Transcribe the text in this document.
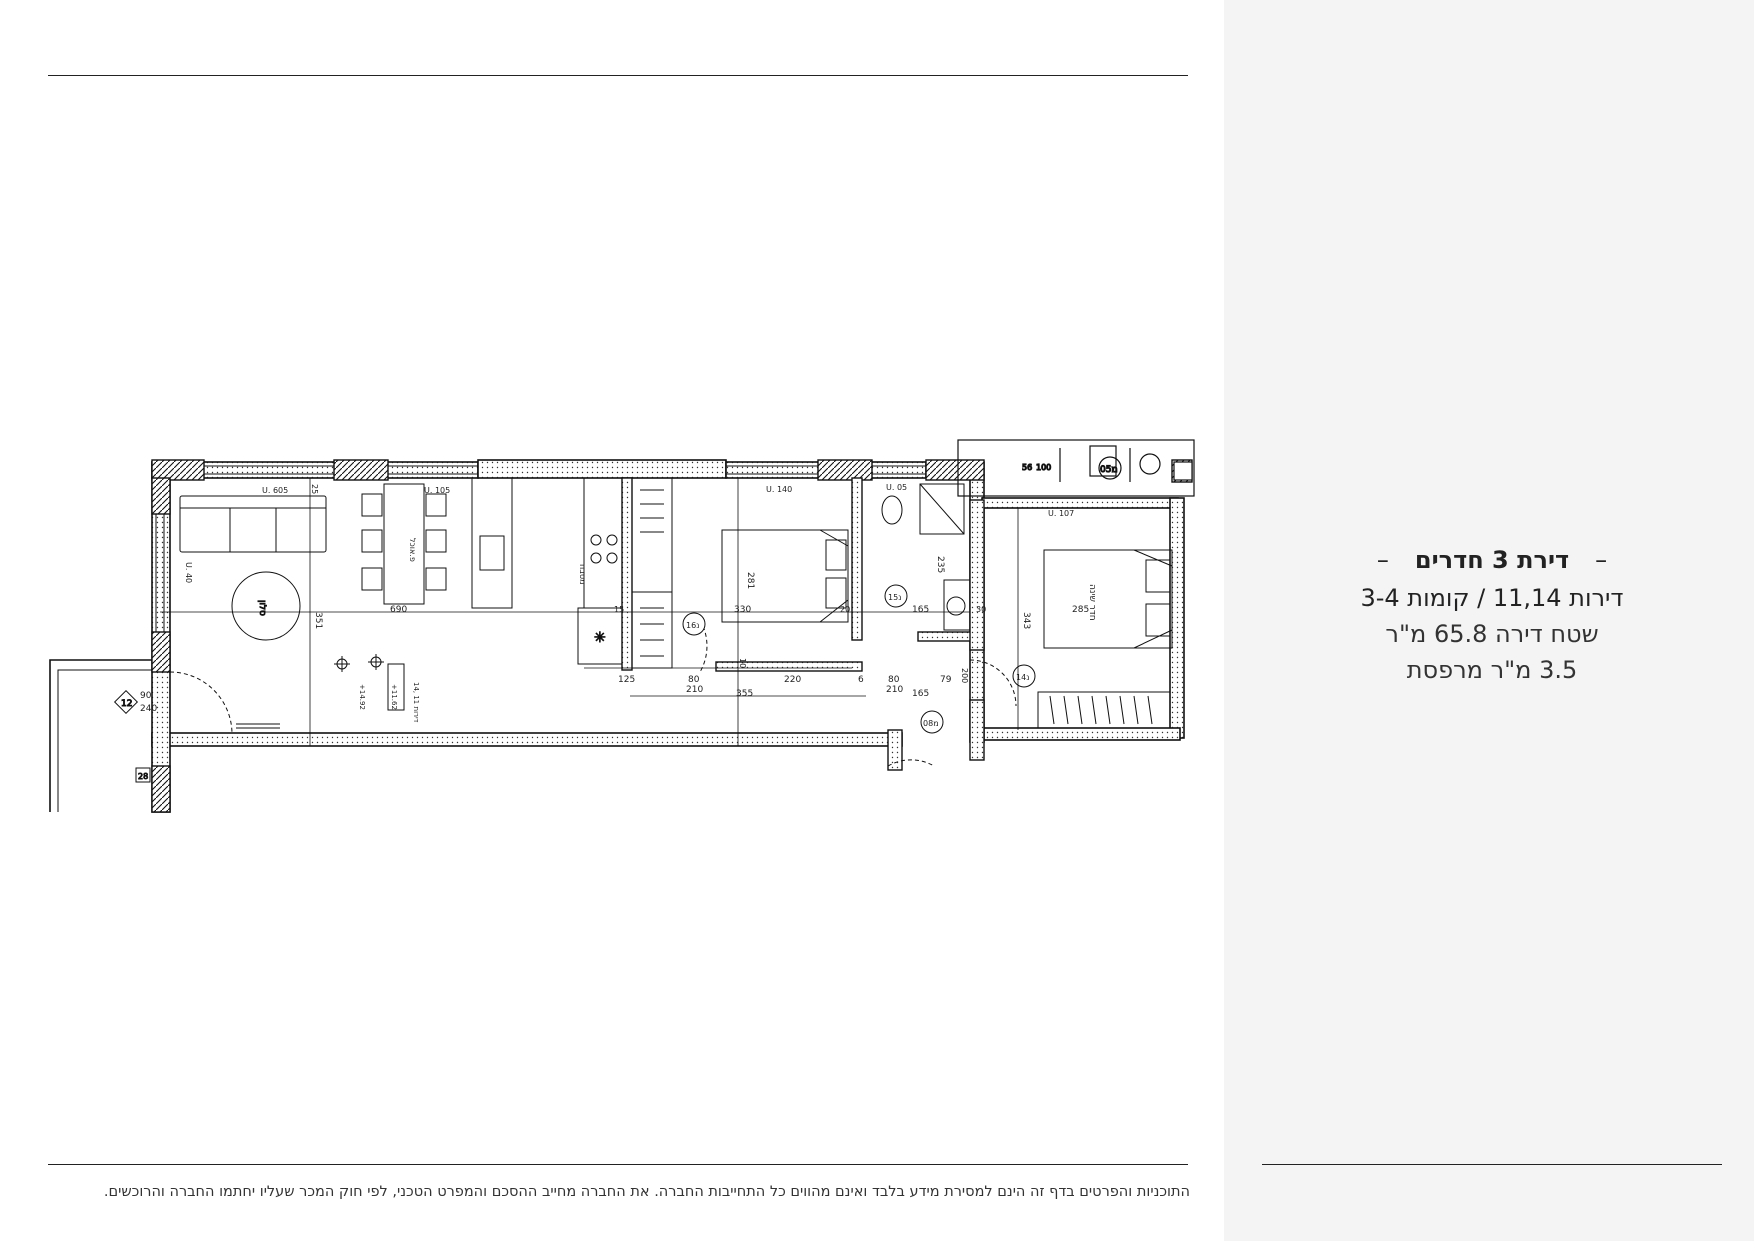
התוכניות והפרטים בדף זה הינם למסירת מידע בלבד ואינם מהווים כל התחייבות החברה. את החברה מחייב ההסכם והמפרט הטכני, לפי חוק המכר שעליו יחתמו החברה והרוכשים.
–דירת 3 חדרים–
דירות 11,14 / קומות 3-4
שטח דירה 65.8 מ"ר
3.5 מ"ר מרפסת
28
12
05מ
56 100
סלון
פ.אוכל
✳
מטבח
חדר שינה
16נ
15נ
14נ
08מ
14, 11 דירות
+14.92	+11.62
U. 605	U. 105	U. 140
U. 40
U. 107
U. 05
690	330	165	285
125	80
210
220	6	80
210
79
355	165
281
351	343
235
90
240
15	20	30
10
200
25
